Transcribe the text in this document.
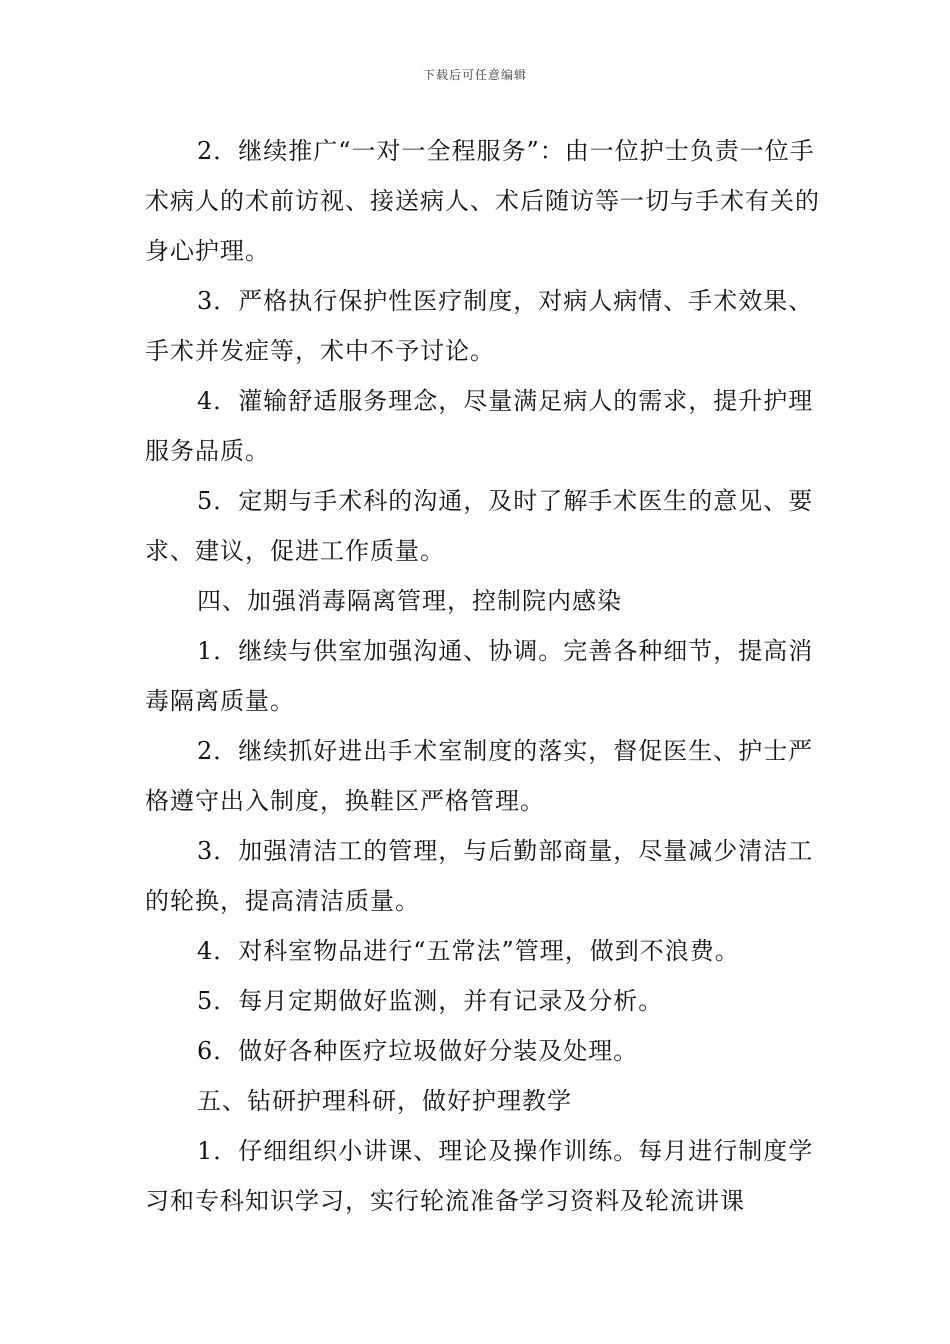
下载后可任意编辑

2．继续推广“一对一全程服务”：由一位护士负责一位手术病人的术前访视、接送病人、术后随访等一切与手术有关的身心护理。

3．严格执行保护性医疗制度，对病人病情、手术效果、手术并发症等，术中不予讨论。

4．灌输舒适服务理念，尽量满足病人的需求，提升护理服务品质。

5．定期与手术科的沟通，及时了解手术医生的意见、要求、建议，促进工作质量。

四、加强消毒隔离管理，控制院内感染

1．继续与供室加强沟通、协调。完善各种细节，提高消毒隔离质量。

2．继续抓好进出手术室制度的落实，督促医生、护士严格遵守出入制度，换鞋区严格管理。

3．加强清洁工的管理，与后勤部商量，尽量减少清洁工的轮换，提高清洁质量。

4．对科室物品进行“五常法”管理，做到不浪费。

5．每月定期做好监测，并有记录及分析。

6．做好各种医疗垃圾做好分装及处理。

五、钻研护理科研，做好护理教学

1．仔细组织小讲课、理论及操作训练。每月进行制度学习和专科知识学习，实行轮流准备学习资料及轮流讲课
